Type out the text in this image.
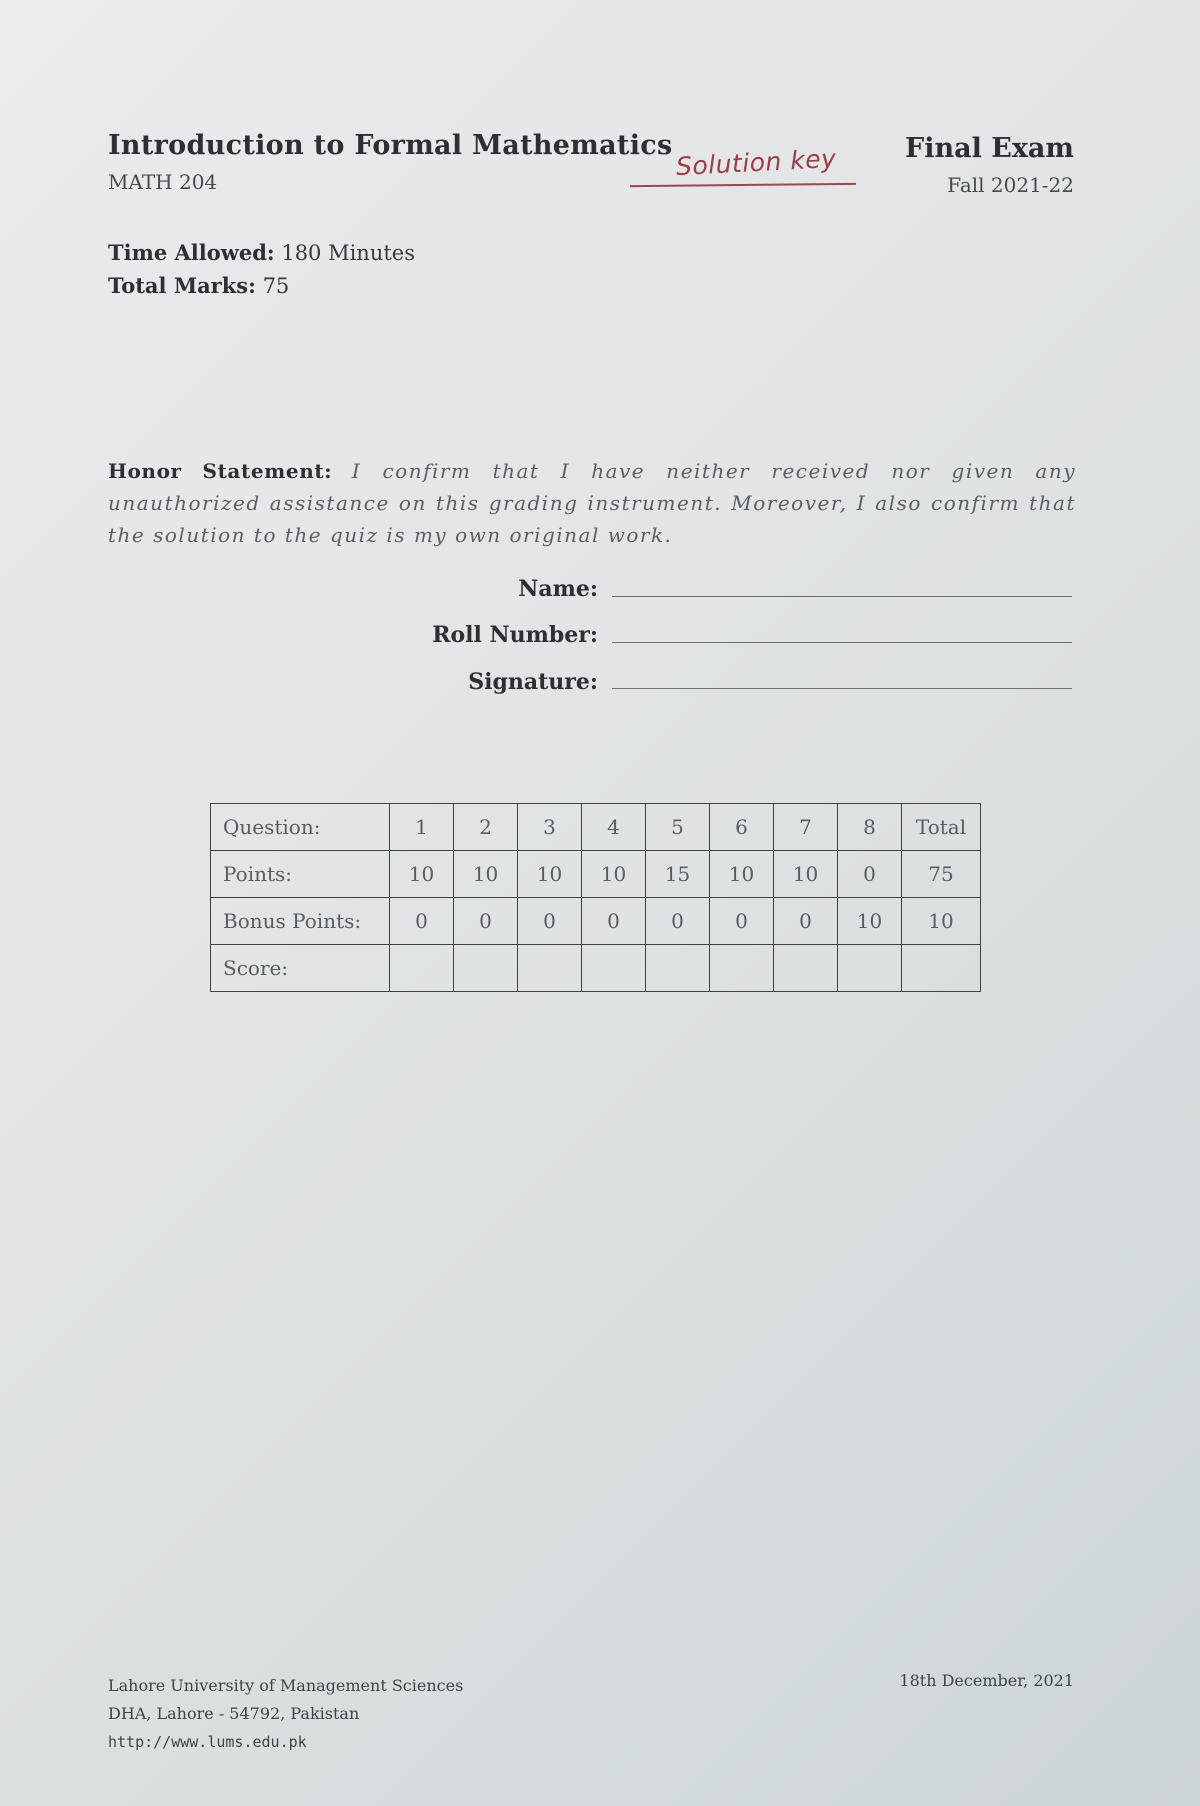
Introduction to Formal Mathematics
MATH 204
Solution key	Final Exam
Fall 2021-22
Time Allowed: 180 Minutes
Total Marks: 75
Honor Statement: I confirm that I have neither received nor given any unauthorized assistance on this grading instrument. Moreover, I also confirm that the solution to the quiz is my own original work.
Name:
Roll Number:
Signature:
Question:	1	2	3	4	5	6	7	8	Total
Points:	10	10	10	10	15	10	10	0	75
Bonus Points:	0	0	0	0	0	0	0	10	10
Score:									
Lahore University of Management Sciences
DHA, Lahore - 54792, Pakistan
http://www.lums.edu.pk
18th December, 2021
